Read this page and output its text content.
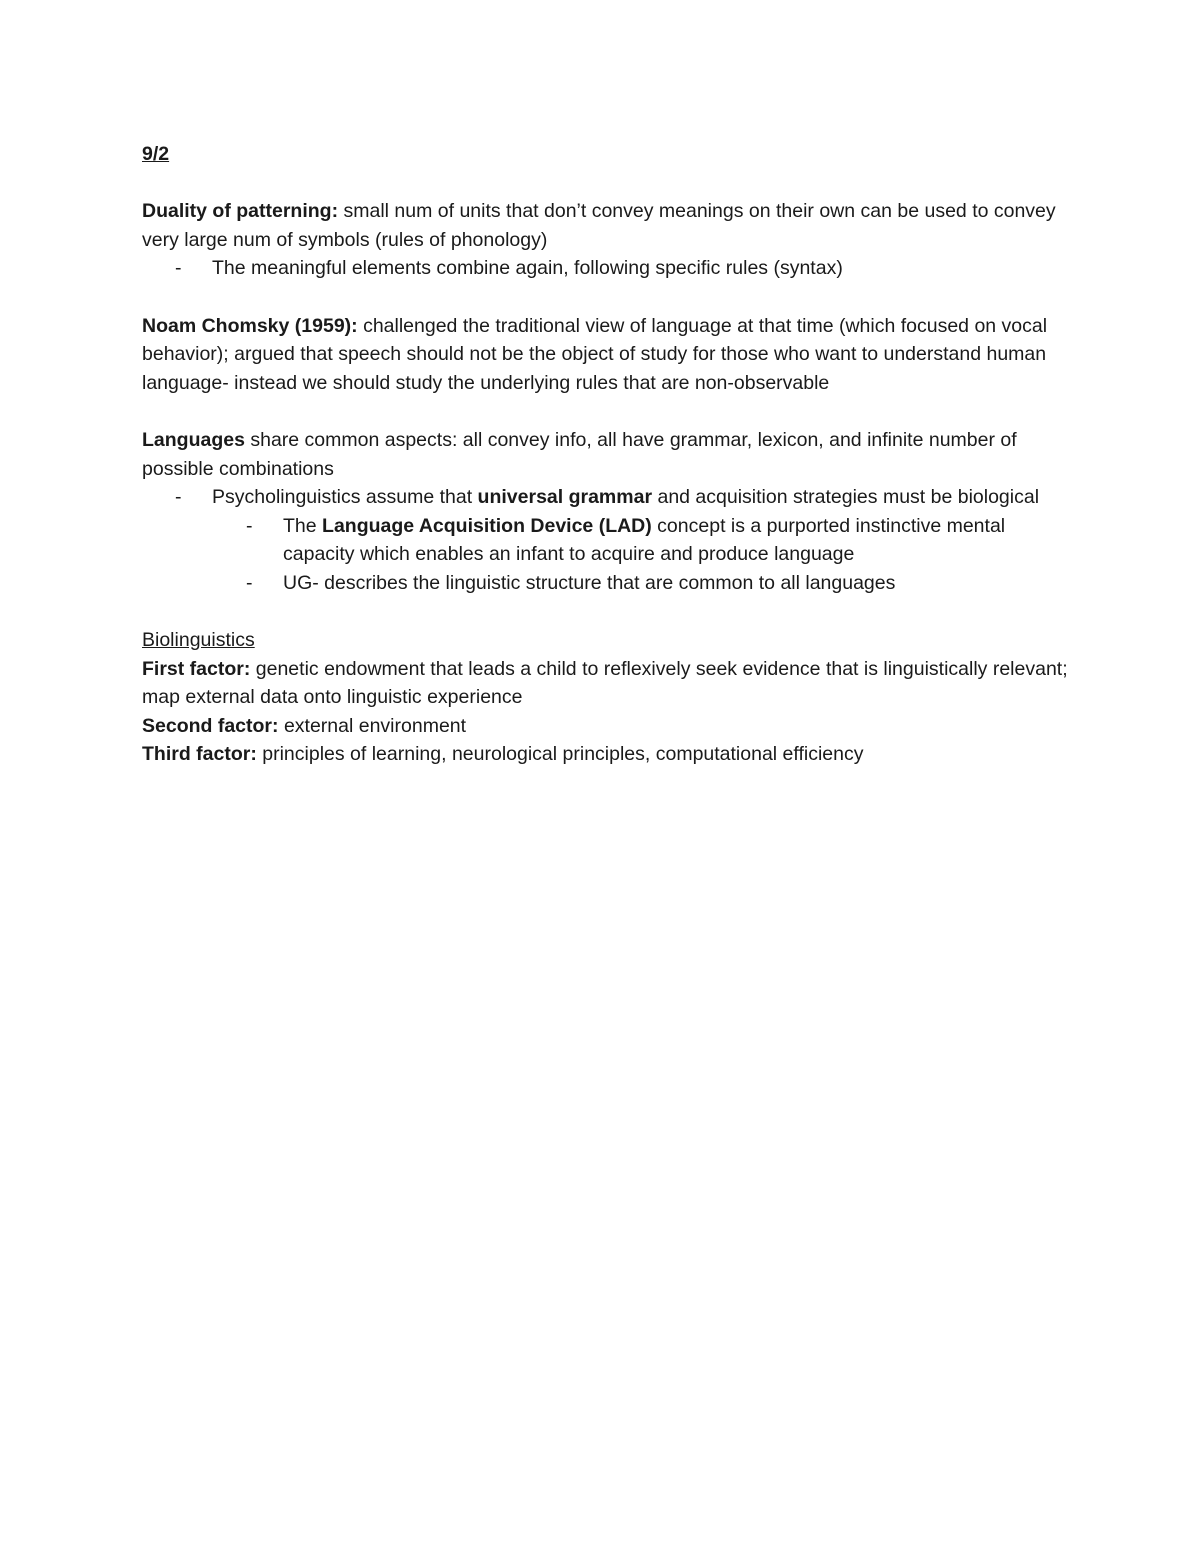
9/2

Duality of patterning: small num of units that don’t convey meanings on their own can be used to convey very large num of symbols (rules of phonology)

- The meaningful elements combine again, following specific rules (syntax)

Noam Chomsky (1959): challenged the traditional view of language at that time (which focused on vocal behavior); argued that speech should not be the object of study for those who want to understand human language- instead we should study the underlying rules that are non-observable

Languages share common aspects: all convey info, all have grammar, lexicon, and infinite number of possible combinations

- Psycholinguistics assume that universal grammar and acquisition strategies must be biological
- The Language Acquisition Device (LAD) concept is a purported instinctive mental capacity which enables an infant to acquire and produce language
- UG- describes the linguistic structure that are common to all languages

Biolinguistics

First factor: genetic endowment that leads a child to reflexively seek evidence that is linguistically relevant; map external data onto linguistic experience

Second factor: external environment

Third factor: principles of learning, neurological principles, computational efficiency
